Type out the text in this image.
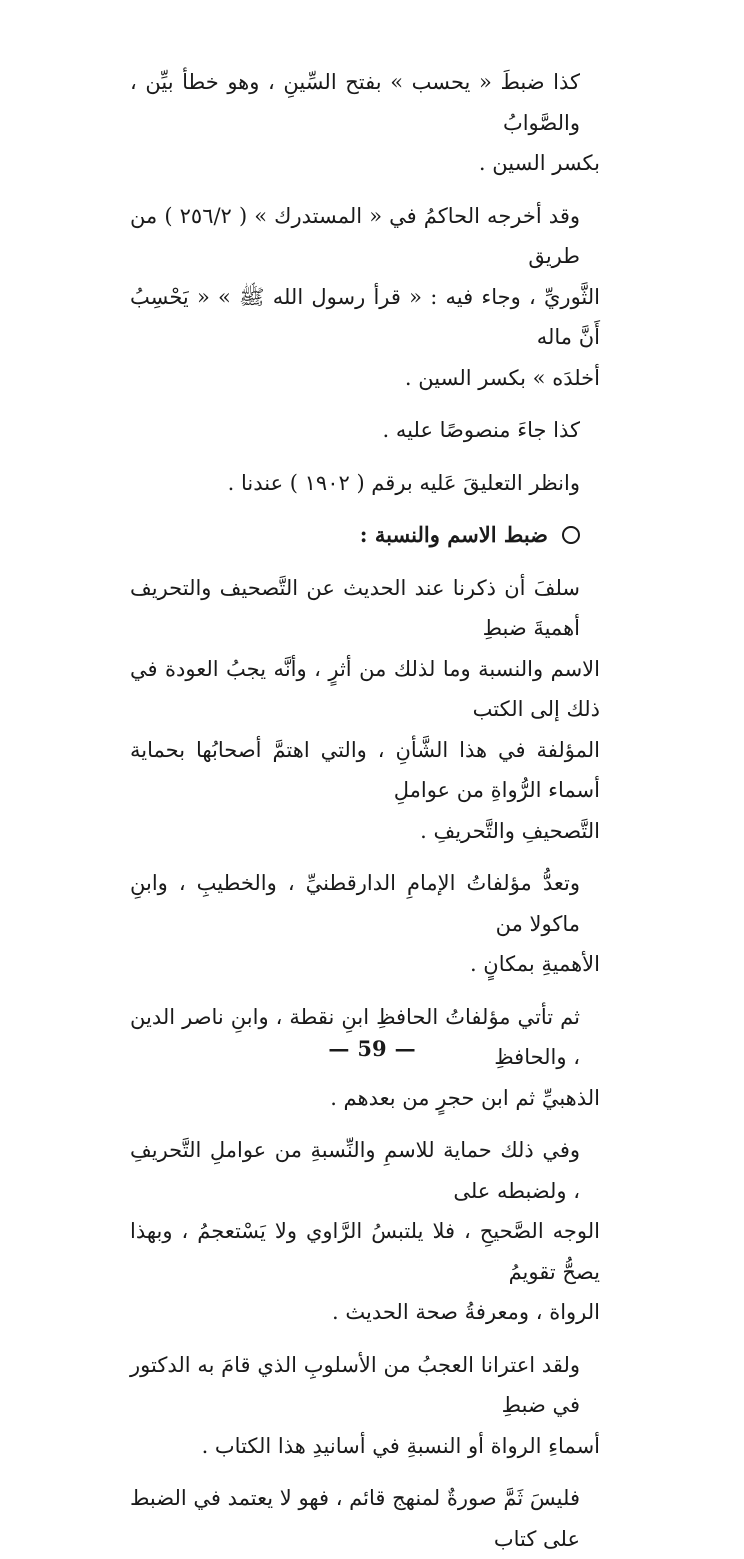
كذا ضبطَ « يحسب » بفتح السِّينِ ، وهو خطأ بيِّن ، والصَّوابُ
بكسر السين .
وقد أخرجه الحاكمُ في « المستدرك » ( ٢٥٦/٢ ) من طريق
الثَّوريِّ ، وجاء فيه : « قرأ رسول الله ﷺ » « يَحْسِبُ أَنَّ ماله
أخلدَه » بكسر السين .
كذا جاءَ منصوصًا عليه .
وانظر التعليقَ عَليه برقم ( ١٩٠٢ ) عندنا .
ضبط الاسم والنسبة :
سلفَ أن ذكرنا عند الحديث عن التَّصحيف والتحريف أهميةَ ضبطِ
الاسم والنسبة وما لذلك من أثرٍ ، وأنَّه يجبُ العودة في ذلك إلى الكتب
المؤلفة في هذا الشَّأنِ ، والتي اهتمَّ أصحابُها بحماية أسماء الرُّواةِ من عواملِ
التَّصحيفِ والتَّحريفِ .
وتعدُّ مؤلفاتُ الإمامِ الدارقطنيِّ ، والخطيبِ ، وابنِ ماكولا من
الأهميةِ بمكانٍ .
ثم تأتي مؤلفاتُ الحافظِ ابنِ نقطة ، وابنِ ناصر الدين ، والحافظِ
الذهبيِّ ثم ابن حجرٍ من بعدهم .
وفي ذلك حماية للاسمِ والنِّسبةِ من عواملِ التَّحريفِ ، ولضبطه على
الوجه الصَّحيحِ ، فلا يلتبسُ الرَّاوي ولا يَسْتعجمُ ، وبهذا يصحُّ تقويمُ
الرواة ، ومعرفةُ صحة الحديث .
ولقد اعترانا العجبُ من الأسلوبِ الذي قامَ به الدكتور في ضبطِ
أسماءِ الرواة أو النسبةِ في أسانيدِ هذا الكتاب .
فليسَ ثَمَّ صورةٌ لمنهج قائم ، فهو لا يعتمد في الضبط على كتاب
— 59 —
